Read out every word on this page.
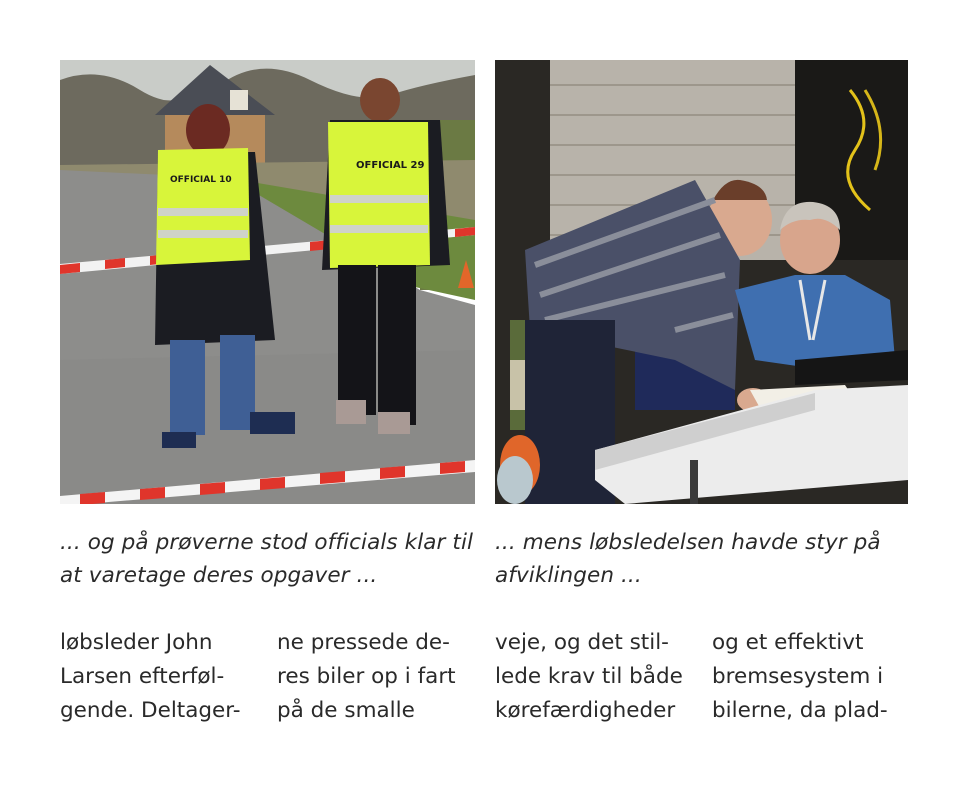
OFFICIAL 10
OFFICIAL 29
... og på prøverne stod officials klar til at varetage deres opgaver ...
... mens løbsledelsen havde styr på afviklingen ...
løbsleder John
Larsen efterføl-
gende. Deltager-
ne pressede de-
res biler op i fart
på de smalle
veje, og det stil-
lede krav til både
kørefærdigheder
og et effektivt
bremsesystem i
bilerne, da plad-
